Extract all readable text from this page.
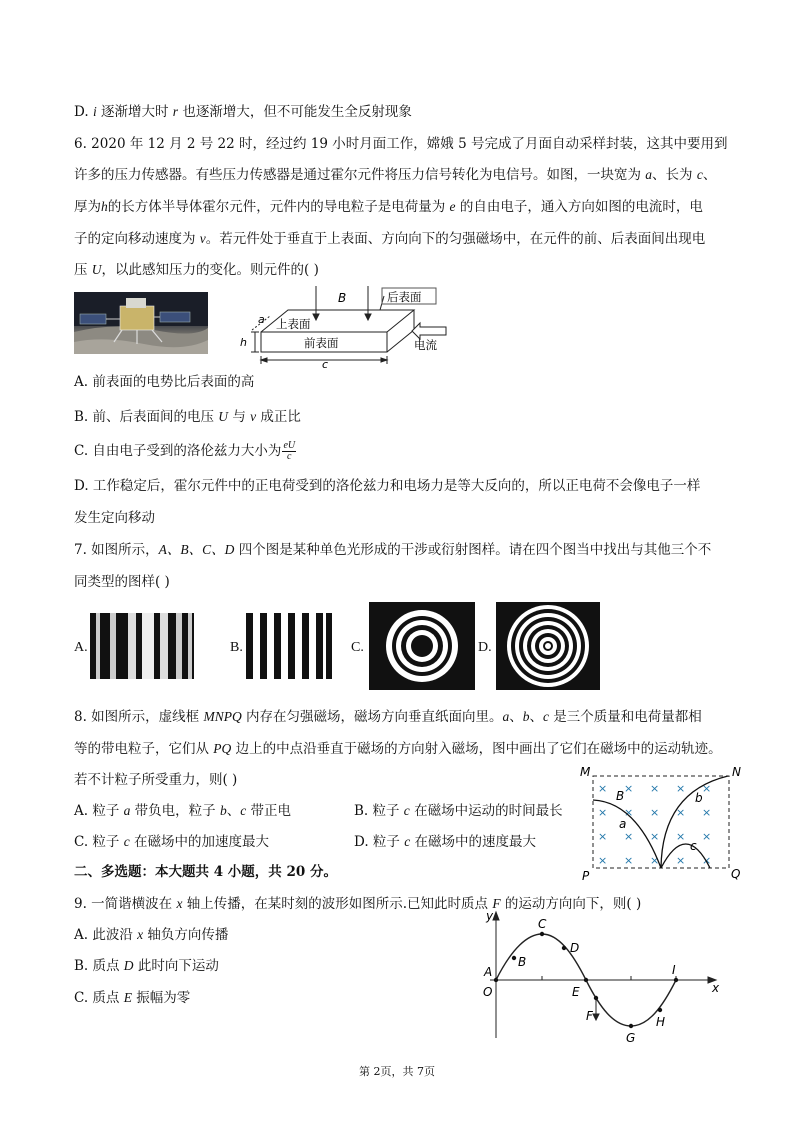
D. i 逐渐增大时 r 也逐渐增大，但不可能发生全反射现象
6. 2020 年 12 月 2 号 22 时，经过约 19 小时月面工作，嫦娥 5 号完成了月面自动采样封装，这其中要用到
许多的压力传感器。有些压力传感器是通过霍尔元件将压力信号转化为电信号。如图，一块宽为 a、长为 c、
厚为h的长方体半导体霍尔元件，元件内的导电粒子是电荷量为 e 的自由电子，通入方向如图的电流时，电
子的定向移动速度为 v。若元件处于垂直于上表面、方向向下的匀强磁场中，在元件的前、后表面间出现电
压 U，以此感知压力的变化。则元件的( )
B	后表面
上表面
前表面	电流
a
h
c
A. 前表面的电势比后表面的高
B. 前、后表面间的电压 U 与 v 成正比
C. 自由电子受到的洛伦兹力大小为 $\frac{eU}{c}$
D. 工作稳定后，霍尔元件中的正电荷受到的洛伦兹力和电场力是等大反向的，所以正电荷不会像电子一样
发生定向移动
7. 如图所示，A、B、C、D 四个图是某种单色光形成的干涉或衍射图样。请在四个图当中找出与其他三个不
同类型的图样( )
A.	B.	C.	D.
8. 如图所示，虚线框 MNPQ 内存在匀强磁场，磁场方向垂直纸面向里。a、b、c 是三个质量和电荷量都相
等的带电粒子，它们从 PQ 边上的中点沿垂直于磁场的方向射入磁场，图中画出了它们在磁场中的运动轨迹。
若不计粒子所受重力，则( )
A. 粒子 a 带负电，粒子 b、c 带正电	B. 粒子 c 在磁场中运动的时间最长
C. 粒子 c 在磁场中的加速度最大	D. 粒子 c 在磁场中的速度最大
× × × × ×
× × × × ×
× × × × ×
× × × × ×
M	N
P	Q
B
a
b
c
二、多选题：本大题共 4 小题，共 20 分。
9. 一简谐横波在 x 轴上传播，在某时刻的波形如图所示.已知此时质点 F 的运动方向向下，则( )
A. 此波沿 x 轴负方向传播
B. 质点 D 此时向下运动
C. 质点 E 振幅为零
y
x
O
A
B
C
D
E
F
G
H
I
第 2页，共 7页
